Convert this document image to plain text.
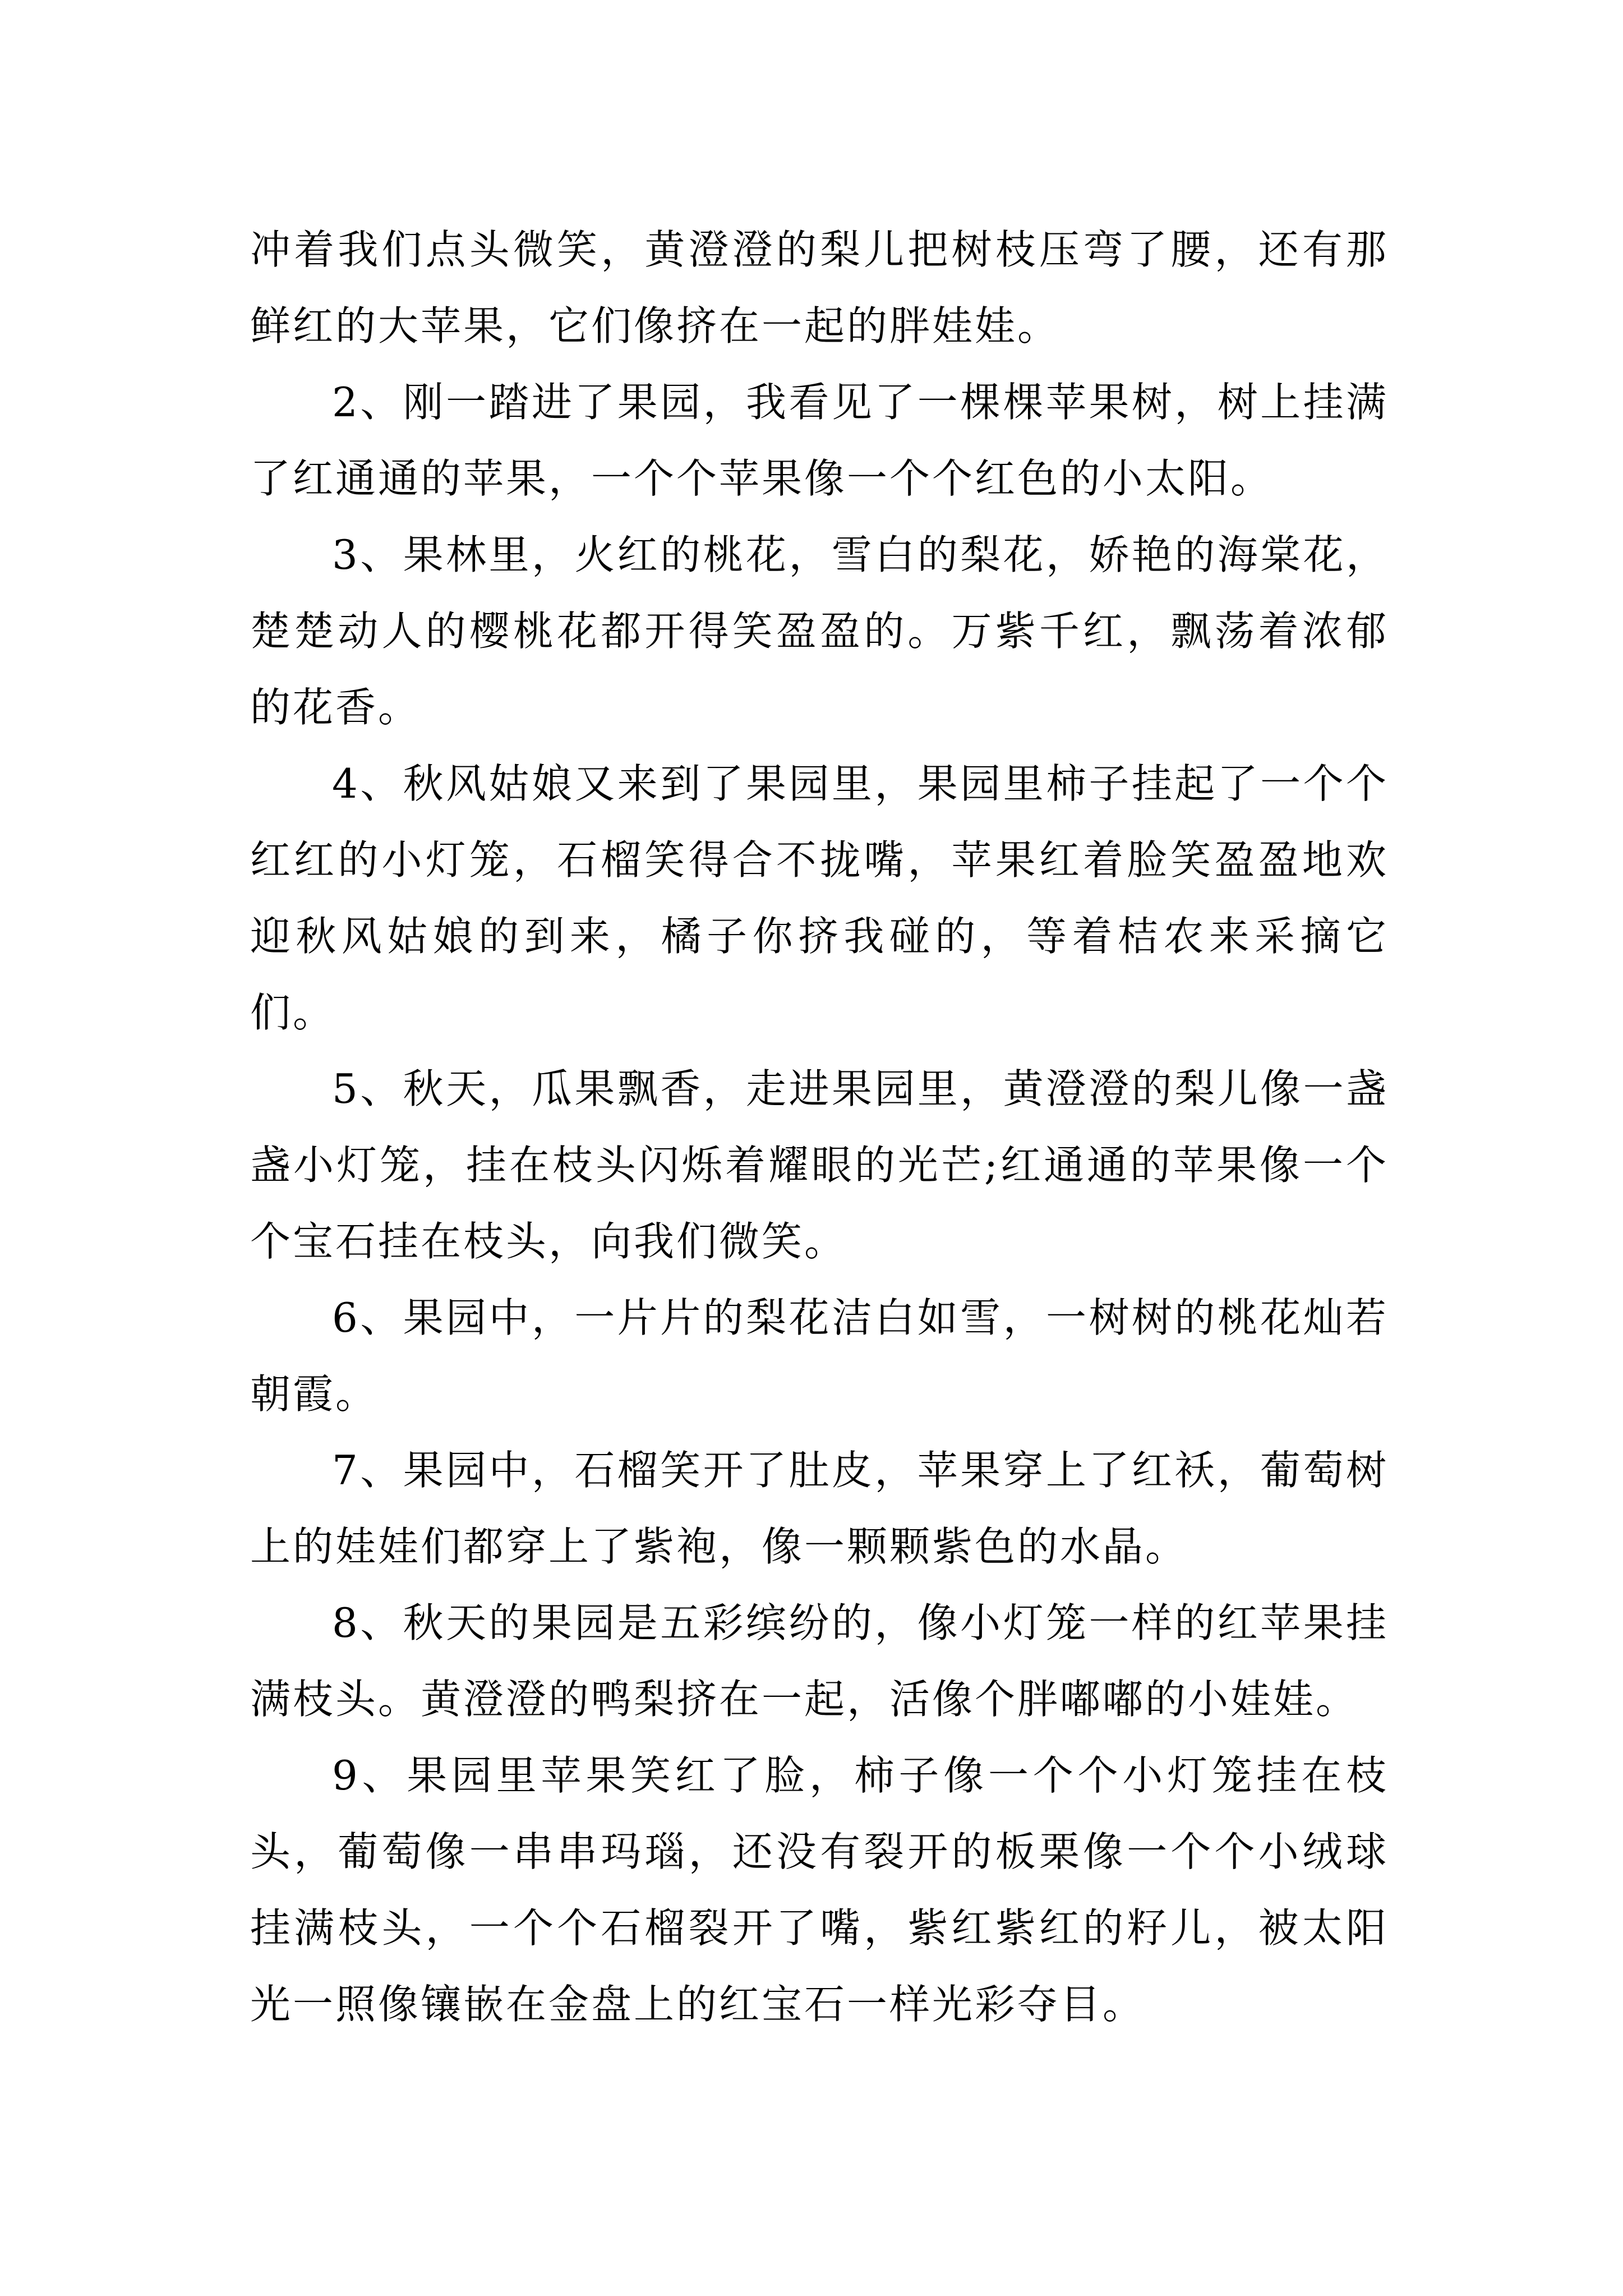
冲着我们点头微笑，黄澄澄的梨儿把树枝压弯了腰，还有那鲜红的大苹果，它们像挤在一起的胖娃娃。

2、刚一踏进了果园，我看见了一棵棵苹果树，树上挂满了红通通的苹果，一个个苹果像一个个红色的小太阳。

3、果林里，火红的桃花，雪白的梨花，娇艳的海棠花，楚楚动人的樱桃花都开得笑盈盈的。万紫千红，飘荡着浓郁的花香。

4、秋风姑娘又来到了果园里，果园里柿子挂起了一个个红红的小灯笼，石榴笑得合不拢嘴，苹果红着脸笑盈盈地欢迎秋风姑娘的到来，橘子你挤我碰的，等着桔农来采摘它们。

5、秋天，瓜果飘香，走进果园里，黄澄澄的梨儿像一盏盏小灯笼，挂在枝头闪烁着耀眼的光芒;红通通的苹果像一个个宝石挂在枝头，向我们微笑。

6、果园中，一片片的梨花洁白如雪，一树树的桃花灿若朝霞。

7、果园中，石榴笑开了肚皮，苹果穿上了红袄，葡萄树上的娃娃们都穿上了紫袍，像一颗颗紫色的水晶。

8、秋天的果园是五彩缤纷的，像小灯笼一样的红苹果挂满枝头。黄澄澄的鸭梨挤在一起，活像个胖嘟嘟的小娃娃。

9、果园里苹果笑红了脸，柿子像一个个小灯笼挂在枝头，葡萄像一串串玛瑙，还没有裂开的板栗像一个个小绒球挂满枝头，一个个石榴裂开了嘴，紫红紫红的籽儿，被太阳光一照像镶嵌在金盘上的红宝石一样光彩夺目。
